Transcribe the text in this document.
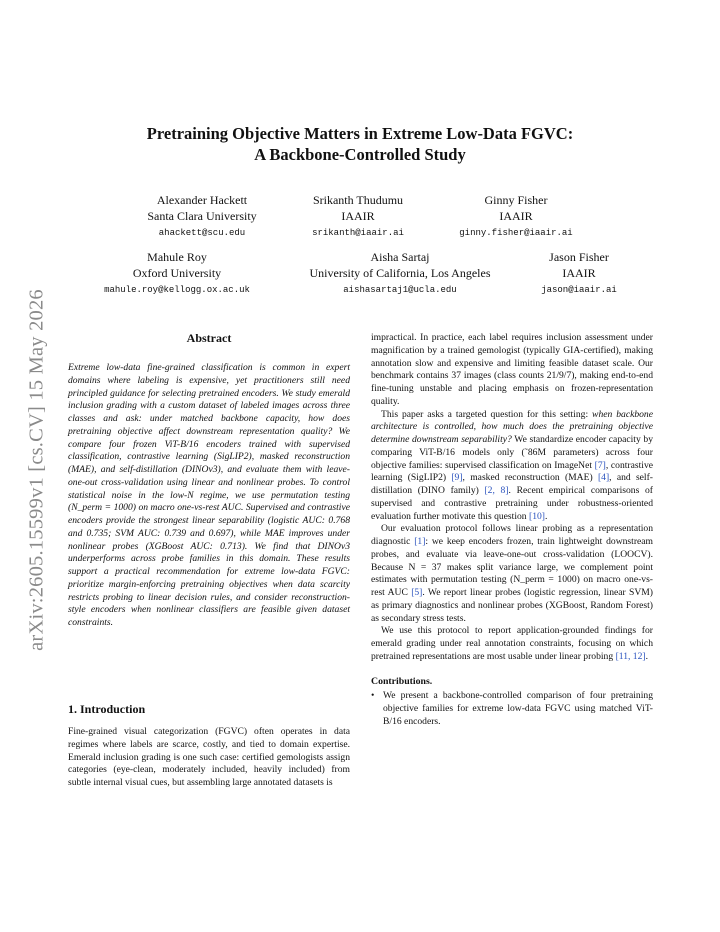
arXiv:2605.15599v1 [cs.CV] 15 May 2026
Pretraining Objective Matters in Extreme Low-Data FGVC:
A Backbone-Controlled Study
Alexander Hackett
Santa Clara University
ahackett@scu.edu
Srikanth Thudumu
IAAIR
srikanth@iaair.ai
Ginny Fisher
IAAIR
ginny.fisher@iaair.ai
Mahule Roy
Oxford University
mahule.roy@kellogg.ox.ac.uk
Aisha Sartaj
University of California, Los Angeles
aishasartaj1@ucla.edu
Jason Fisher
IAAIR
jason@iaair.ai
Abstract
Extreme low-data fine-grained classification is common in expert domains where labeling is expensive, yet practitioners still need principled guidance for selecting pretrained encoders. We study emerald inclusion grading with a custom dataset of labeled images across three classes and ask: under matched backbone capacity, how does pretraining objective affect downstream representation quality? We compare four frozen ViT-B/16 encoders trained with supervised classification, contrastive learning (SigLIP2), masked reconstruction (MAE), and self-distillation (DINOv3), and evaluate them with leave-one-out cross-validation using linear and nonlinear probes. To control statistical noise in the low-N regime, we use permutation testing (N_perm = 1000) on macro one-vs-rest AUC. Supervised and contrastive encoders provide the strongest linear separability (logistic AUC: 0.768 and 0.735; SVM AUC: 0.739 and 0.697), while MAE improves under nonlinear probes (XGBoost AUC: 0.713). We find that DINOv3 underperforms across probe families in this domain. These results support a practical recommendation for extreme low-data FGVC: prioritize margin-enforcing pretraining objectives when data scarcity restricts probing to linear decision rules, and consider reconstruction-style encoders when nonlinear classifiers are feasible given dataset constraints.
1. Introduction
Fine-grained visual categorization (FGVC) often operates in data regimes where labels are scarce, costly, and tied to domain expertise. Emerald inclusion grading is one such case: certified gemologists assign categories (eye-clean, moderately included, heavily included) from subtle internal visual cues, but assembling large annotated datasets is

impractical. In practice, each label requires inclusion assessment under magnification by a trained gemologist (typically GIA-certified), making annotation slow and expensive and limiting feasible dataset scale. Our benchmark contains 37 images (class counts 21/9/7), making end-to-end fine-tuning unstable and placing emphasis on frozen-representation quality.

This paper asks a targeted question for this setting: when backbone architecture is controlled, how much does the pretraining objective determine downstream separability? We standardize encoder capacity by comparing ViT-B/16 models only (˜86M parameters) across four objective families: supervised classification on ImageNet [7], contrastive learning (SigLIP2) [9], masked reconstruction (MAE) [4], and self-distillation (DINO family) [2, 8]. Recent empirical comparisons of supervised and contrastive pretraining under robustness-oriented evaluation further motivate this question [10].

Our evaluation protocol follows linear probing as a representation diagnostic [1]: we keep encoders frozen, train lightweight downstream probes, and evaluate via leave-one-out cross-validation (LOOCV). Because N = 37 makes split variance large, we complement point estimates with permutation testing (N_perm = 1000) on macro one-vs-rest AUC [5]. We report linear probes (logistic regression, linear SVM) as primary diagnostics and nonlinear probes (XGBoost, Random Forest) as secondary stress tests.

We use this protocol to report application-grounded findings for emerald grading under real annotation constraints, focusing on which pretrained representations are most usable under linear probing [11, 12].

Contributions.
• We present a backbone-controlled comparison of four pretraining objective families for extreme low-data FGVC using matched ViT-B/16 encoders.
